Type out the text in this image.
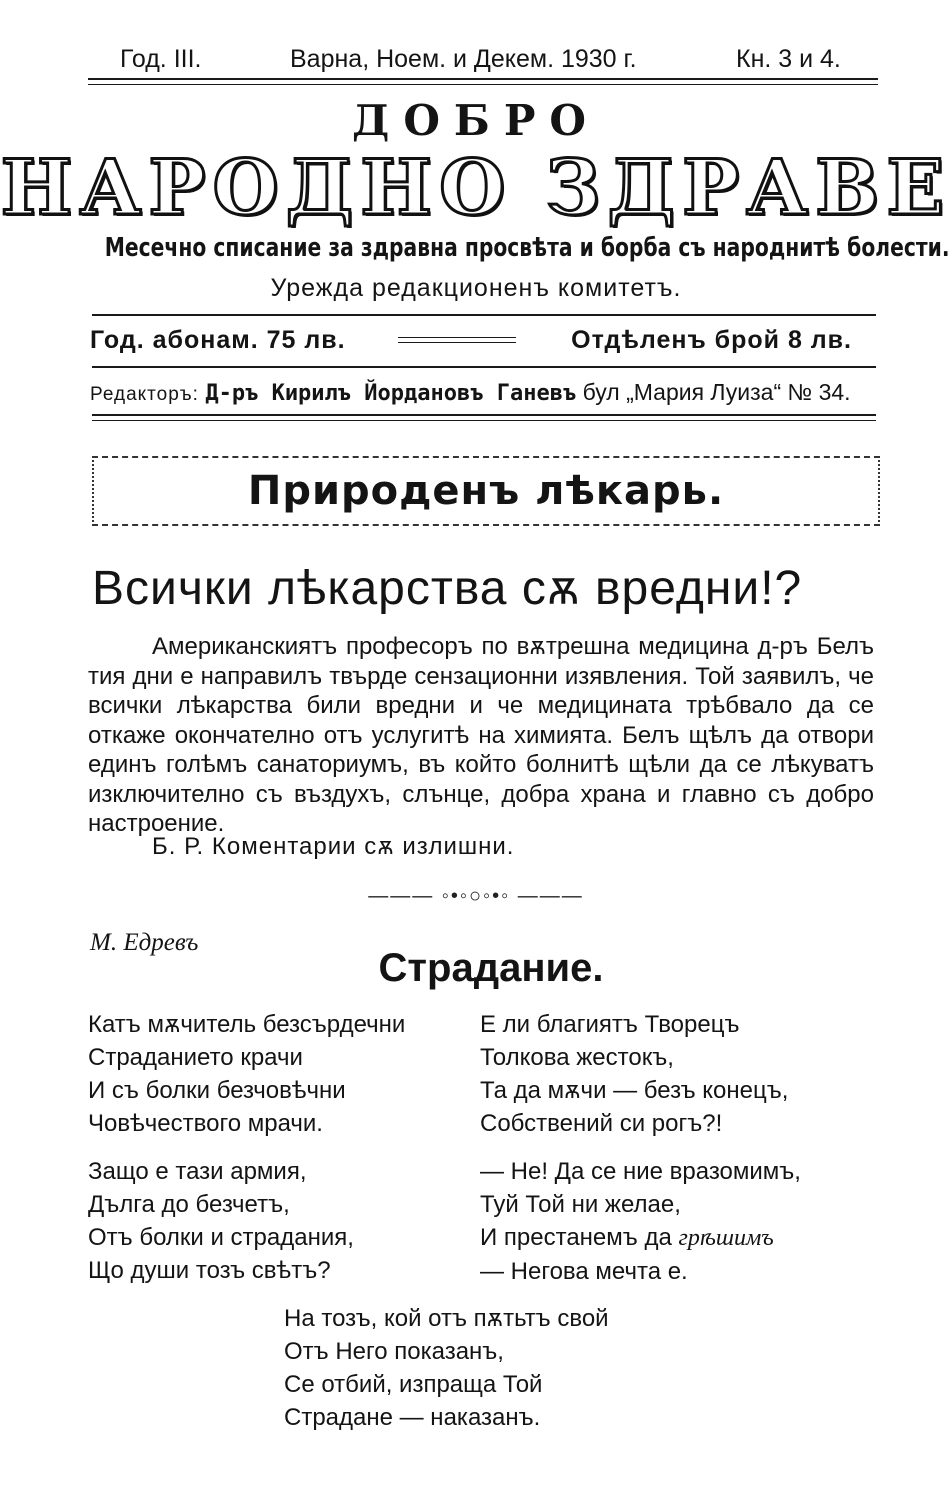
Год. III.	Варна, Ноем. и Декем. 1930 г.	Кн. 3 и 4.
ДОБРО
НАРОДНО ЗДРАВЕ
Месечно списание за здравна просвѣта и борба съ народнитѣ болести.
Урежда редакционенъ комитетъ.
Год. абонам. 75 лв.	Отдѣленъ брой 8 лв.
Редакторъ: Д-ръ Кирилъ Йордановъ Ганевъ бул „Мария Луиза“ № 34.
Природенъ лѣкарь.
Всички лѣкарства сѫ вредни!?

Американскиятъ професоръ по вѫтрешна медицина д-ръ Белъ тия дни е направилъ твърде сензационни изявления. Той заявилъ, че всички лѣкарства били вредни и че медицината трѣбвало да се откаже окончателно отъ услугитѣ на химията. Белъ щѣлъ да отвори единъ голѣмъ санаториумъ, въ който болнитѣ щѣли да се лѣкуватъ изключително съ въздухъ, слънце, добра храна и главно съ добро настроение.

Б. Р. Коментарии сѫ излишни.
——— ◦•◦○◦•◦ ———
М. Едревъ
Страдание.
Катъ мѫчитель безсърдечни
Страданието крачи
И съ болки безчовѣчни
Човѣчествого мрачи.
Е ли благиятъ Творецъ
Толкова жестокъ,
Та да мѫчи — безъ конецъ,
Собствений си рогъ?!
Защо е тази армия,
Дълга до безчетъ,
Отъ болки и страдания,
Що души тозъ свѣтъ?
— Не! Да се ние вразомимъ,
Туй Той ни желае,
И престанемъ да грѣшимъ
— Негова мечта е.
На тозъ, кой отъ пѫтьтъ свой
Отъ Него показанъ,
Се отбий, изпраща Той
Страдане — наказанъ.
